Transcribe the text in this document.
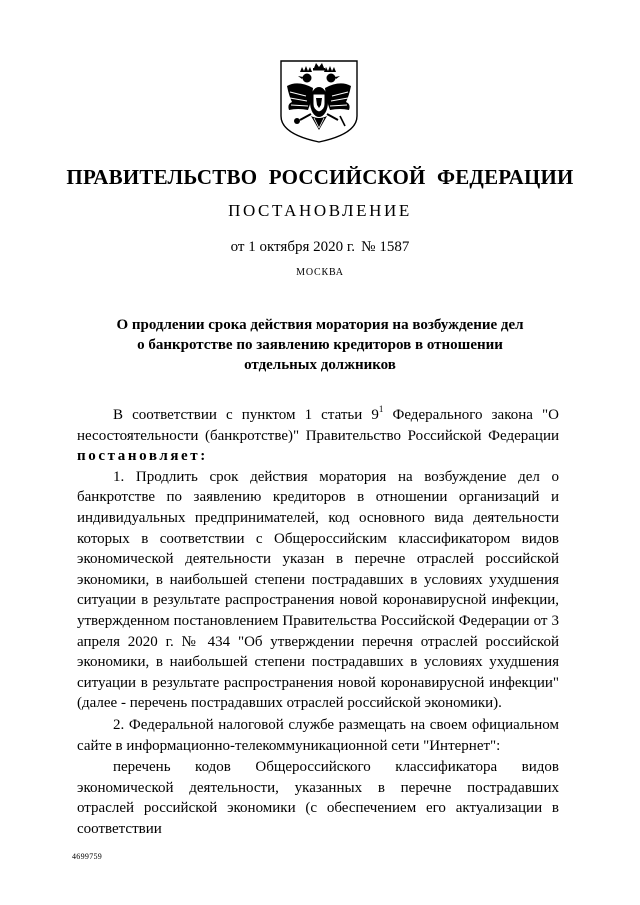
ПРАВИТЕЛЬСТВО РОССИЙСКОЙ ФЕДЕРАЦИИ
ПОСТАНОВЛЕНИЕ
от 1 октября 2020 г. № 1587
МОСКВА
О продлении срока действия моратория на возбуждение дел
о банкротстве по заявлению кредиторов в отношении
отдельных должников

В соответствии с пунктом 1 статьи $9^1$ Федерального закона "О несостоятельности (банкротстве)" Правительство Российской Федерации постановляет:

1. Продлить срок действия моратория на возбуждение дел о банкротстве по заявлению кредиторов в отношении организаций и индивидуальных предпринимателей, код основного вида деятельности которых в соответствии с Общероссийским классификатором видов экономической деятельности указан в перечне отраслей российской экономики, в наибольшей степени пострадавших в условиях ухудшения ситуации в результате распространения новой коронавирусной инфекции, утвержденном постановлением Правительства Российской Федерации от 3 апреля 2020 г. № 434 "Об утверждении перечня отраслей российской экономики, в наибольшей степени пострадавших в условиях ухудшения ситуации в результате распространения новой коронавирусной инфекции" (далее - перечень пострадавших отраслей российской экономики).

2. Федеральной налоговой службе размещать на своем официальном сайте в информационно-телекоммуникационной сети "Интернет":

перечень кодов Общероссийского классификатора видов экономической деятельности, указанных в перечне пострадавших отраслей российской экономики (с обеспечением его актуализации в соответствии

4699759
